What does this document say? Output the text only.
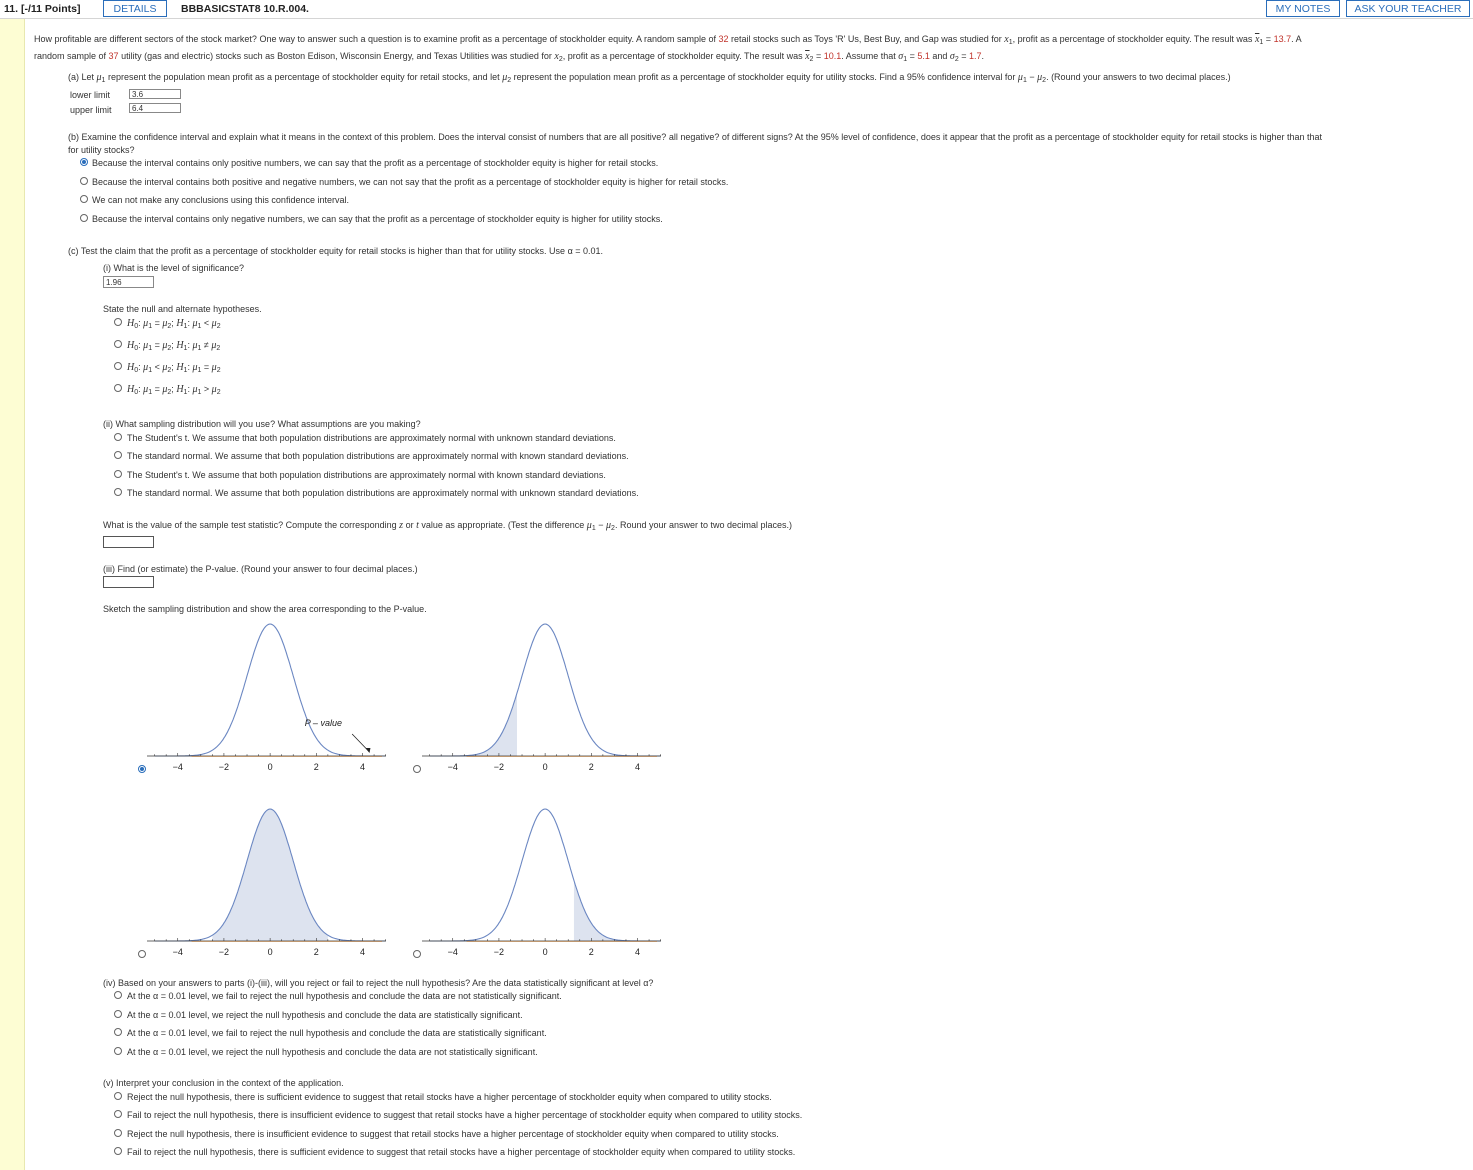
11. [-/11 Points]	DETAILS	BBBASICSTAT8 10.R.004.	MY NOTES	ASK YOUR TEACHER
How profitable are different sectors of the stock market? One way to answer such a question is to examine profit as a percentage of stockholder equity. A random sample of 32 retail stocks such as Toys 'R' Us, Best Buy, and Gap was studied for $x_1$, profit as a percentage of stockholder equity. The result was $\overline{x}_1 = 13.7$. A
random sample of 37 utility (gas and electric) stocks such as Boston Edison, Wisconsin Energy, and Texas Utilities was studied for $x_2$, profit as a percentage of stockholder equity. The result was $\overline{x}_2 = 10.1$. Assume that $\sigma_1 = 5.1$ and $\sigma_2 = 1.7$.
(a) Let $\mu_1$ represent the population mean profit as a percentage of stockholder equity for retail stocks, and let $\mu_2$ represent the population mean profit as a percentage of stockholder equity for utility stocks. Find a 95% confidence interval for $\mu_1 - \mu_2$. (Round your answers to two decimal places.)
lower limit	3.6
upper limit	6.4
(b) Examine the confidence interval and explain what it means in the context of this problem. Does the interval consist of numbers that are all positive? all negative? of different signs? At the 95% level of confidence, does it appear that the profit as a percentage of stockholder equity for retail stocks is higher than that
for utility stocks?
Because the interval contains only positive numbers, we can say that the profit as a percentage of stockholder equity is higher for retail stocks.
Because the interval contains both positive and negative numbers, we can not say that the profit as a percentage of stockholder equity is higher for retail stocks.
We can not make any conclusions using this confidence interval.
Because the interval contains only negative numbers, we can say that the profit as a percentage of stockholder equity is higher for utility stocks.
(c) Test the claim that the profit as a percentage of stockholder equity for retail stocks is higher than that for utility stocks. Use α = 0.01.
(i) What is the level of significance?
1.96
State the null and alternate hypotheses.
$H_0$: $\mu_1 = \mu_2$; $H_1$: $\mu_1 < \mu_2$
$H_0$: $\mu_1 = \mu_2$; $H_1$: $\mu_1 \ne \mu_2$
$H_0$: $\mu_1 < \mu_2$; $H_1$: $\mu_1 = \mu_2$
$H_0$: $\mu_1 = \mu_2$; $H_1$: $\mu_1 > \mu_2$
(ii) What sampling distribution will you use? What assumptions are you making?
The Student's t. We assume that both population distributions are approximately normal with unknown standard deviations.
The standard normal. We assume that both population distributions are approximately normal with known standard deviations.
The Student's t. We assume that both population distributions are approximately normal with known standard deviations.
The standard normal. We assume that both population distributions are approximately normal with unknown standard deviations.
What is the value of the sample test statistic? Compute the corresponding z or t value as appropriate. (Test the difference $\mu_1 - \mu_2$. Round your answer to two decimal places.)
(iii) Find (or estimate) the P-value. (Round your answer to four decimal places.)
Sketch the sampling distribution and show the area corresponding to the P-value.
−4	−2	0	2	4
P – value
−4	−2	0	2	4
−4	−2	0	2	4	−4	−2	0	2	4
(iv) Based on your answers to parts (i)-(iii), will you reject or fail to reject the null hypothesis? Are the data statistically significant at level α?
At the α = 0.01 level, we fail to reject the null hypothesis and conclude the data are not statistically significant.
At the α = 0.01 level, we reject the null hypothesis and conclude the data are statistically significant.
At the α = 0.01 level, we fail to reject the null hypothesis and conclude the data are statistically significant.
At the α = 0.01 level, we reject the null hypothesis and conclude the data are not statistically significant.
(v) Interpret your conclusion in the context of the application.
Reject the null hypothesis, there is sufficient evidence to suggest that retail stocks have a higher percentage of stockholder equity when compared to utility stocks.
Fail to reject the null hypothesis, there is insufficient evidence to suggest that retail stocks have a higher percentage of stockholder equity when compared to utility stocks.
Reject the null hypothesis, there is insufficient evidence to suggest that retail stocks have a higher percentage of stockholder equity when compared to utility stocks.
Fail to reject the null hypothesis, there is sufficient evidence to suggest that retail stocks have a higher percentage of stockholder equity when compared to utility stocks.
